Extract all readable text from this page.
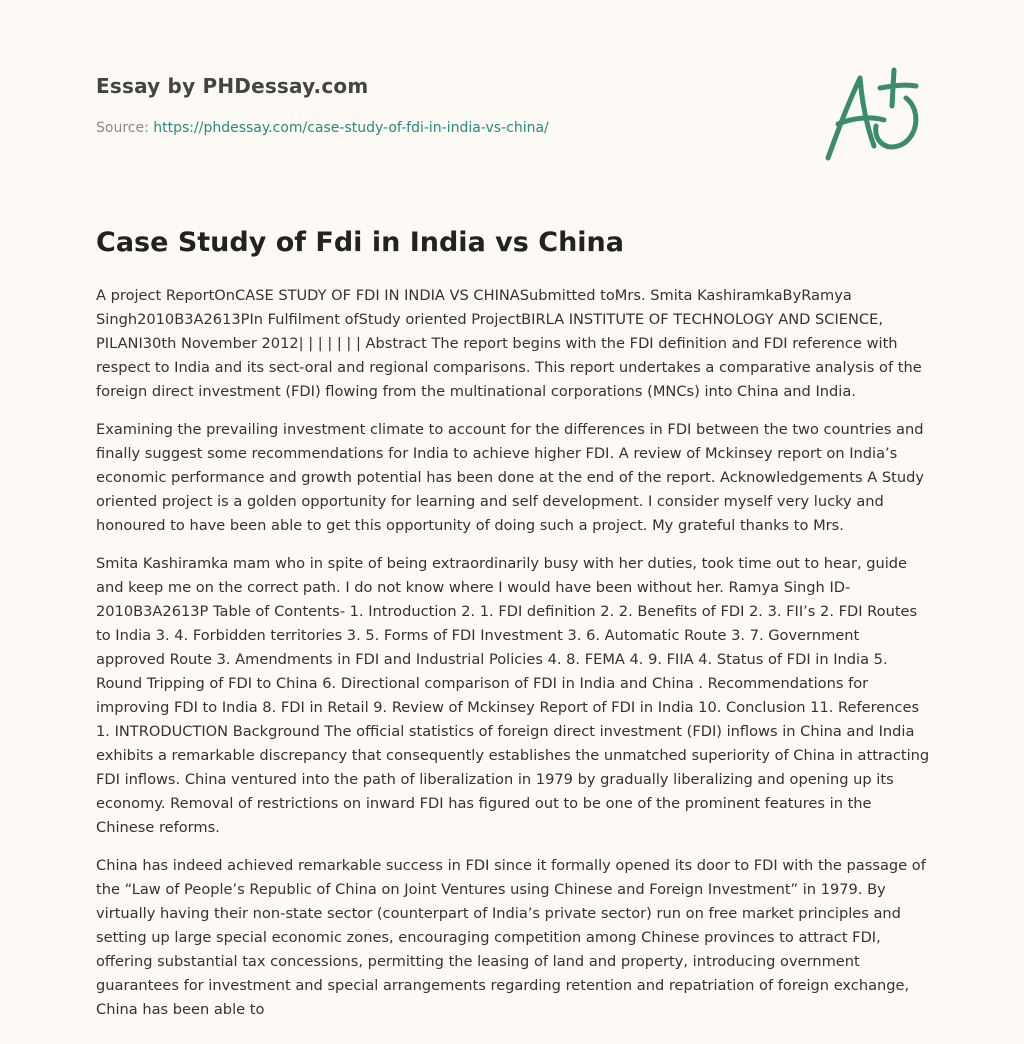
Essay by PHDessay.com
Source: https://phdessay.com/case-study-of-fdi-in-india-vs-china/
Case Study of Fdi in India vs China

A project ReportOnCASE STUDY OF FDI IN INDIA VS CHINASubmitted toMrs. Smita KashiramkaByRamya Singh2010B3A2613PIn Fulfilment ofStudy oriented ProjectBIRLA INSTITUTE OF TECHNOLOGY AND SCIENCE, PILANI30th November 2012| | | | | | | Abstract The report begins with the FDI definition and FDI reference with respect to India and its sect-oral and regional comparisons. This report undertakes a comparative analysis of the foreign direct investment (FDI) flowing from the multinational corporations (MNCs) into China and India.

Examining the prevailing investment climate to account for the differences in FDI between the two countries and finally suggest some recommendations for India to achieve higher FDI. A review of Mckinsey report on India’s economic performance and growth potential has been done at the end of the report. Acknowledgements A Study oriented project is a golden opportunity for learning and self development. I consider myself very lucky and honoured to have been able to get this opportunity of doing such a project. My grateful thanks to Mrs.

Smita Kashiramka mam who in spite of being extraordinarily busy with her duties, took time out to hear, guide and keep me on the correct path. I do not know where I would have been without her. Ramya Singh ID-2010B3A2613P Table of Contents- 1. Introduction 2. 1. FDI definition 2. 2. Benefits of FDI 2. 3. FII’s 2. FDI Routes to India 3. 4. Forbidden territories 3. 5. Forms of FDI Investment 3. 6. Automatic Route 3. 7. Government approved Route 3. Amendments in FDI and Industrial Policies 4. 8. FEMA 4. 9. FIIA 4. Status of FDI in India 5. Round Tripping of FDI to China 6. Directional comparison of FDI in India and China . Recommendations for improving FDI to India 8. FDI in Retail 9. Review of Mckinsey Report of FDI in India 10. Conclusion 11. References 1. INTRODUCTION Background The official statistics of foreign direct investment (FDI) inflows in China and India exhibits a remarkable discrepancy that consequently establishes the unmatched superiority of China in attracting FDI inflows. China ventured into the path of liberalization in 1979 by gradually liberalizing and opening up its economy. Removal of restrictions on inward FDI has figured out to be one of the prominent features in the Chinese reforms.

China has indeed achieved remarkable success in FDI since it formally opened its door to FDI with the passage of the “Law of People’s Republic of China on Joint Ventures using Chinese and Foreign Investment” in 1979. By virtually having their non-state sector (counterpart of India’s private sector) run on free market principles and setting up large special economic zones, encouraging competition among Chinese provinces to attract FDI, offering substantial tax concessions, permitting the leasing of land and property, introducing overnment guarantees for investment and special arrangements regarding retention and repatriation of foreign exchange, China has been able to
